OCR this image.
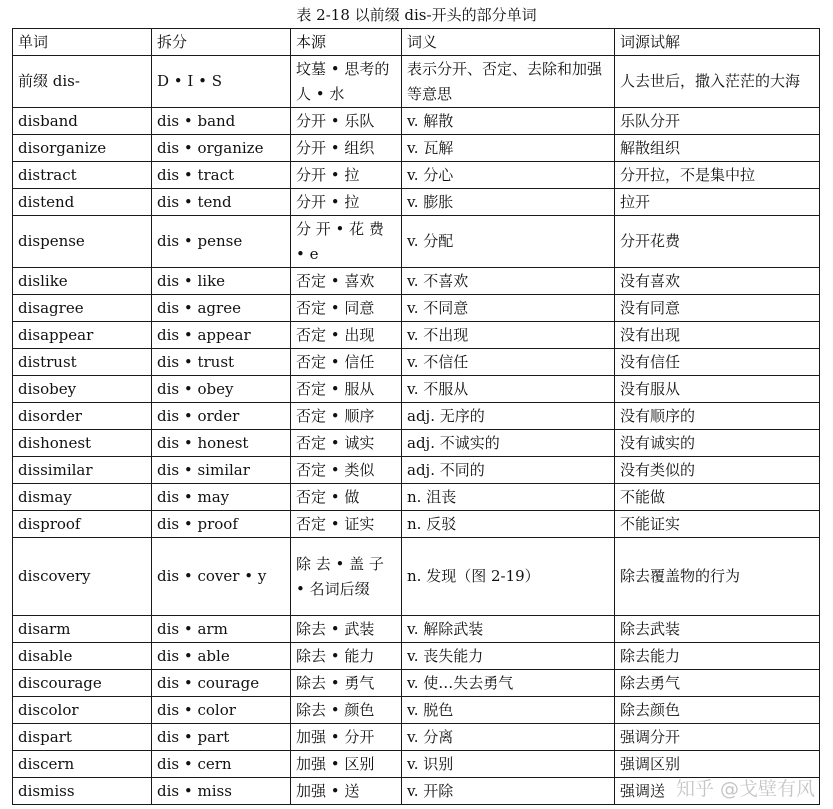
表 2-18 以前缀 dis-开头的部分单词
单词	拆分	本源	词义	词源试解
前缀 dis-	D • I • S	坟墓 • 思考的人 • 水	表示分开、否定、去除和加强等意思	人去世后，撒入茫茫的大海
disband	dis • band	分开 • 乐队	v. 解散	乐队分开
disorganize	dis • organize	分开 • 组织	v. 瓦解	解散组织
distract	dis • tract	分开 • 拉	v. 分心	分开拉，不是集中拉
distend	dis • tend	分开 • 拉	v. 膨胀	拉开
dispense	dis • pense	分 开 • 花 费 • e	v. 分配	分开花费
dislike	dis • like	否定 • 喜欢	v. 不喜欢	没有喜欢
disagree	dis • agree	否定 • 同意	v. 不同意	没有同意
disappear	dis • appear	否定 • 出现	v. 不出现	没有出现
distrust	dis • trust	否定 • 信任	v. 不信任	没有信任
disobey	dis • obey	否定 • 服从	v. 不服从	没有服从
disorder	dis • order	否定 • 顺序	adj. 无序的	没有顺序的
dishonest	dis • honest	否定 • 诚实	adj. 不诚实的	没有诚实的
dissimilar	dis • similar	否定 • 类似	adj. 不同的	没有类似的
dismay	dis • may	否定 • 做	n. 沮丧	不能做
disproof	dis • proof	否定 • 证实	n. 反驳	不能证实
discovery	dis • cover • y	除 去 • 盖 子 • 名词后缀	n. 发现（图 2-19）	除去覆盖物的行为
disarm	dis • arm	除去 • 武装	v. 解除武装	除去武装
disable	dis • able	除去 • 能力	v. 丧失能力	除去能力
discourage	dis • courage	除去 • 勇气	v. 使…失去勇气	除去勇气
discolor	dis • color	除去 • 颜色	v. 脱色	除去颜色
dispart	dis • part	加强 • 分开	v. 分离	强调分开
discern	dis • cern	加强 • 区别	v. 识别	强调区别
dismiss	dis • miss	加强 • 送	v. 开除	强调送 知乎 @戈壁有风
